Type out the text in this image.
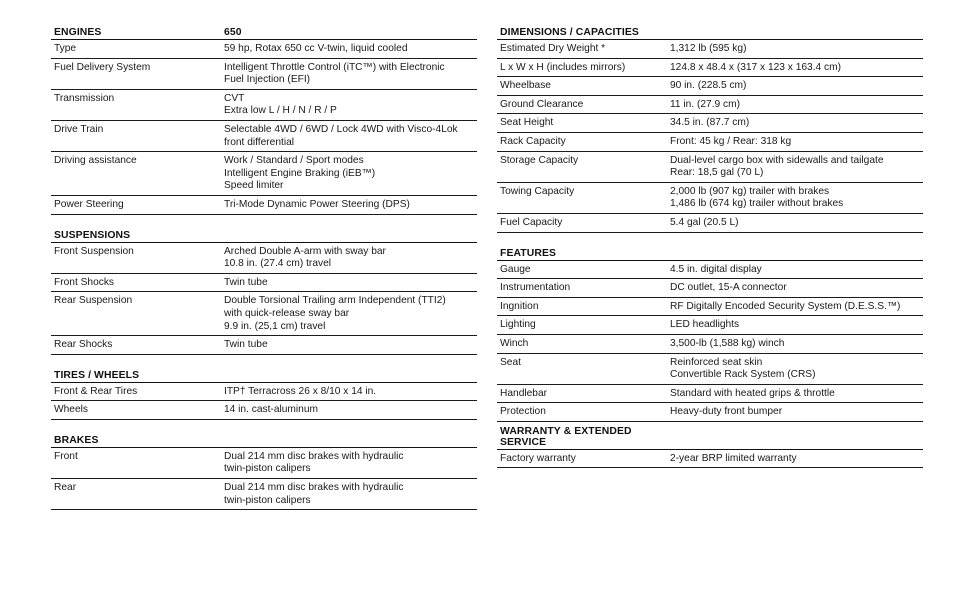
ENGINES	650
Type	59 hp, Rotax 650 cc V-twin, liquid cooled
Fuel Delivery System	Intelligent Throttle Control (iTC™) with Electronic
Fuel Injection (EFI)
Transmission	CVT
Extra low L / H / N / R / P
Drive Train	Selectable 4WD / 6WD / Lock 4WD with Visco-4Lok
front differential
Driving assistance	Work / Standard / Sport modes
Intelligent Engine Braking (iEB™)
Speed limiter
Power Steering	Tri-Mode Dynamic Power Steering (DPS)
SUSPENSIONS
Front Suspension	Arched Double A-arm with sway bar
10.8 in. (27.4 cm) travel
Front Shocks	Twin tube
Rear Suspension	Double Torsional Trailing arm Independent (TTI2)
with quick-release sway bar
9.9 in. (25,1 cm) travel
Rear Shocks	Twin tube
TIRES / WHEELS
Front & Rear Tires	ITP† Terracross 26 x 8/10 x 14 in.
Wheels	14 in. cast-aluminum
BRAKES
Front	Dual 214 mm disc brakes with hydraulic
twin-piston calipers
Rear	Dual 214 mm disc brakes with hydraulic
twin-piston calipers
DIMENSIONS / CAPACITIES
Estimated Dry Weight *	1,312 lb (595 kg)
L x W x H (includes mirrors)	124.8 x 48.4 x (317 x 123 x 163.4 cm)
Wheelbase	90 in. (228.5 cm)
Ground Clearance	11 in. (27.9 cm)
Seat Height	34.5 in. (87.7 cm)
Rack Capacity	Front: 45 kg / Rear: 318 kg
Storage Capacity	Dual-level cargo box with sidewalls and tailgate
Rear: 18,5 gal (70 L)
Towing Capacity	2,000 lb (907 kg) trailer with brakes
1,486 lb (674 kg) trailer without brakes
Fuel Capacity	5.4 gal (20.5 L)
FEATURES
Gauge	4.5 in. digital display
Instrumentation	DC outlet, 15-A connector
Ingnition	RF Digitally Encoded Security System (D.E.S.S.™)
Lighting	LED headlights
Winch	3,500-lb (1,588 kg) winch
Seat	Reinforced seat skin
Convertible Rack System (CRS)
Handlebar	Standard with heated grips & throttle
Protection	Heavy-duty front bumper
WARRANTY & EXTENDED SERVICE
Factory warranty	2-year BRP limited warranty
